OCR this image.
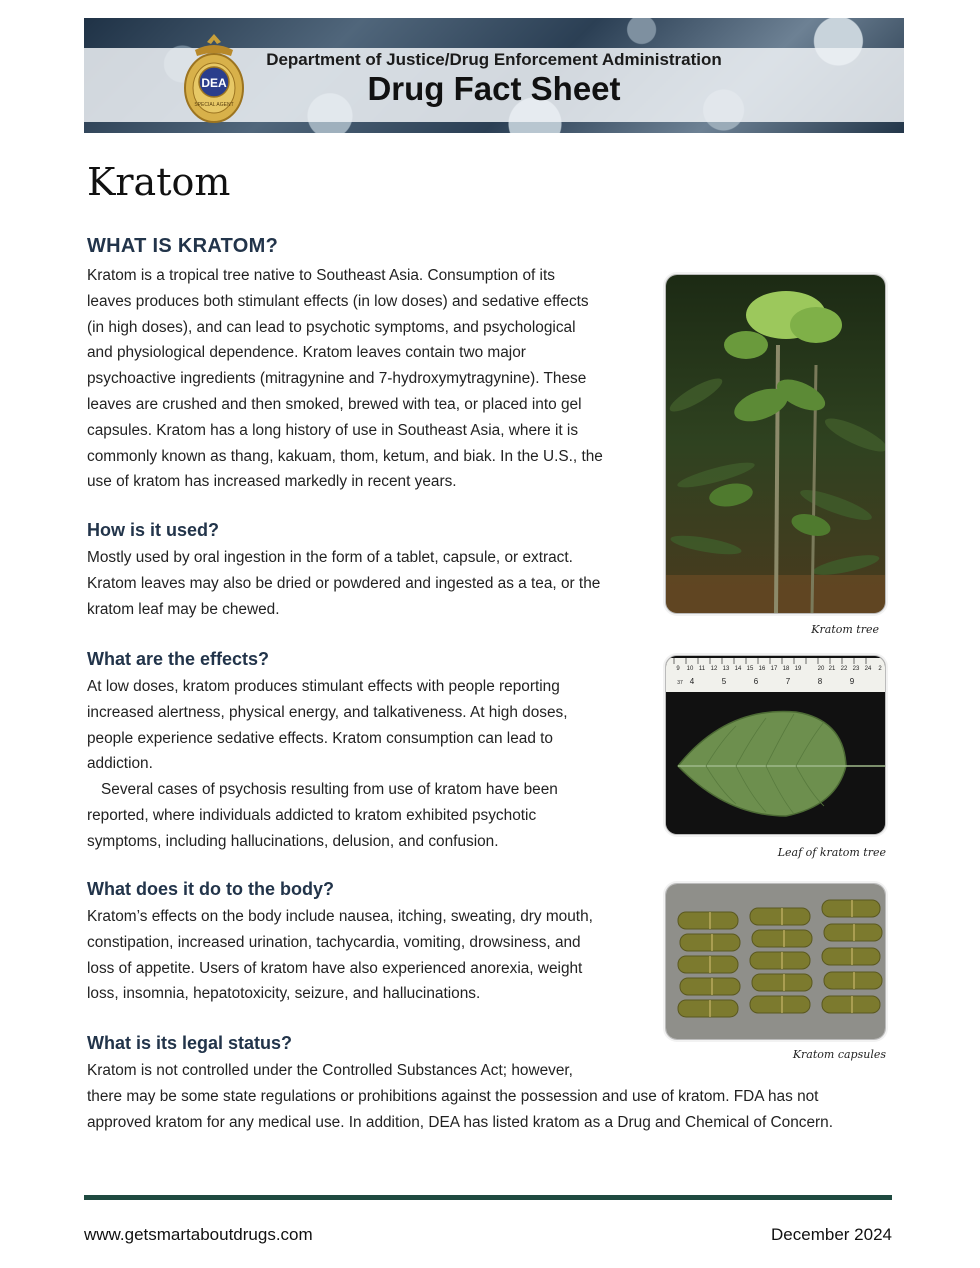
DEA
SPECIAL AGENT
Department of Justice/Drug Enforcement Administration
Drug Fact Sheet
Kratom
WHAT IS KRATOM?

Kratom is a tropical tree native to Southeast Asia. Consumption of its
leaves produces both stimulant effects (in low doses) and sedative effects
(in high doses), and can lead to psychotic symptoms, and psychological
and physiological dependence. Kratom leaves contain two major
psychoactive ingredients (mitragynine and 7-hydroxymytragynine). These
leaves are crushed and then smoked, brewed with tea, or placed into gel
capsules. Kratom has a long history of use in Southeast Asia, where it is
commonly known as thang, kakuam, thom, ketum, and biak. In the U.S., the
use of kratom has increased markedly in recent years.

How is it used?

Mostly used by oral ingestion in the form of a tablet, capsule, or extract.
Kratom leaves may also be dried or powdered and ingested as a tea, or the
kratom leaf may be chewed.

What are the effects?

At low doses, kratom produces stimulant effects with people reporting
increased alertness, physical energy, and talkativeness. At high doses,
people experience sedative effects. Kratom consumption can lead to
addiction.
Several cases of psychosis resulting from use of kratom have been
reported, where individuals addicted to kratom exhibited psychotic
symptoms, including hallucinations, delusion, and confusion.

What does it do to the body?

Kratom’s effects on the body include nausea, itching, sweating, dry mouth,
constipation, increased urination, tachycardia, vomiting, drowsiness, and
loss of appetite. Users of kratom have also experienced anorexia, weight
loss, insomnia, hepatotoxicity, seizure, and hallucinations.

What is its legal status?

Kratom is not controlled under the Controlled Substances Act; however,
there may be some state regulations or prohibitions against the possession and use of kratom. FDA has not
approved kratom for any medical use. In addition, DEA has listed kratom as a Drug and Chemical of Concern.

Kratom tree

9 10 11 12 13 14 15 16 17 18 19	20 21 22 23 24 2
37 4	5	6	7	8	9

Leaf of kratom tree

Kratom capsules

www.getsmartaboutdrugs.com	December 2024
